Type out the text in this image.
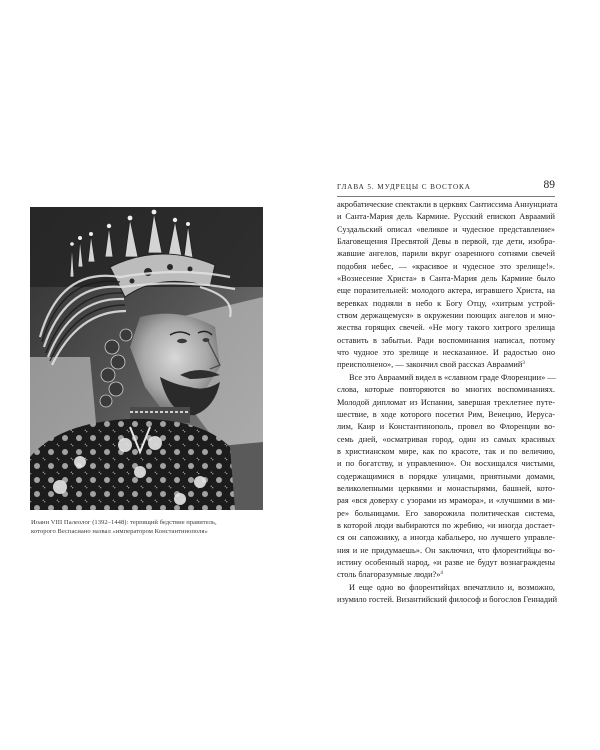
Иоанн VIII Палеолог (1392–1448): терпящий бедствие правитель,
которого Веспасиано назвал «императором Константинополя»
ГЛАВА 5. МУДРЕЦЫ С ВОСТОКА	89
акробатические спектакли в церквях Сантиссима Аннунциата
и Санта-Мария дель Кармине. Русский епископ Авраамий
Суздальский описал «великое и чудесное представление»
Благовещения Пресвятой Девы в первой, где дети, изобра-
жавшие ангелов, парили вкруг озаренного сотнями свечей
подобия небес, — «красивое и чудесное это зрелище!».
«Вознесение Христа» в Санта-Мария дель Кармине было
еще поразительней: молодого актера, игравшего Христа, на
веревках подняли в небо к Богу Отцу, «хитрым устрой-
ством держащемуся» в окружении поющих ангелов и мно-
жества горящих свечей. «Не могу такого хитрого зрелища
оставить в забытьи. Ради воспоминания написал, потому
что чудное это зрелище и несказанное. И радостью оно
преисполнено», — закончил свой рассказ Авраамий$^3$
Все это Авраамий видел в «славном граде Флоренции» —
слова, которые повторяются во многих воспоминаниях.
Молодой дипломат из Испании, завершая трехлетнее путе-
шествие, в ходе которого посетил Рим, Венецию, Иеруса-
лим, Каир и Константинополь, провел во Флоренции во-
семь дней, «осматривая город, один из самых красивых
в христианском мире, как по красоте, так и по величию,
и по богатству, и управлению». Он восхищался чистыми,
содержащимися в порядке улицами, приятными домами,
великолепными церквями и монастырями, башней, кото-
рая «вся доверху с узорами из мрамора», и «лучшими в ми-
ре» больницами. Его заворожила политическая система,
в которой люди выбираются по жребию, «и иногда достает-
ся он сапожнику, а иногда кабальеро, но лучшего управле-
ния и не придумаешь». Он заключил, что флорентийцы во-
истину особенный народ, «и разве не будут вознаграждены
столь благоразумные люди?»$^4$
И еще одно во флорентийцах впечатлило и, возможно,
изумило гостей. Византийский философ и богослов Геннадий
